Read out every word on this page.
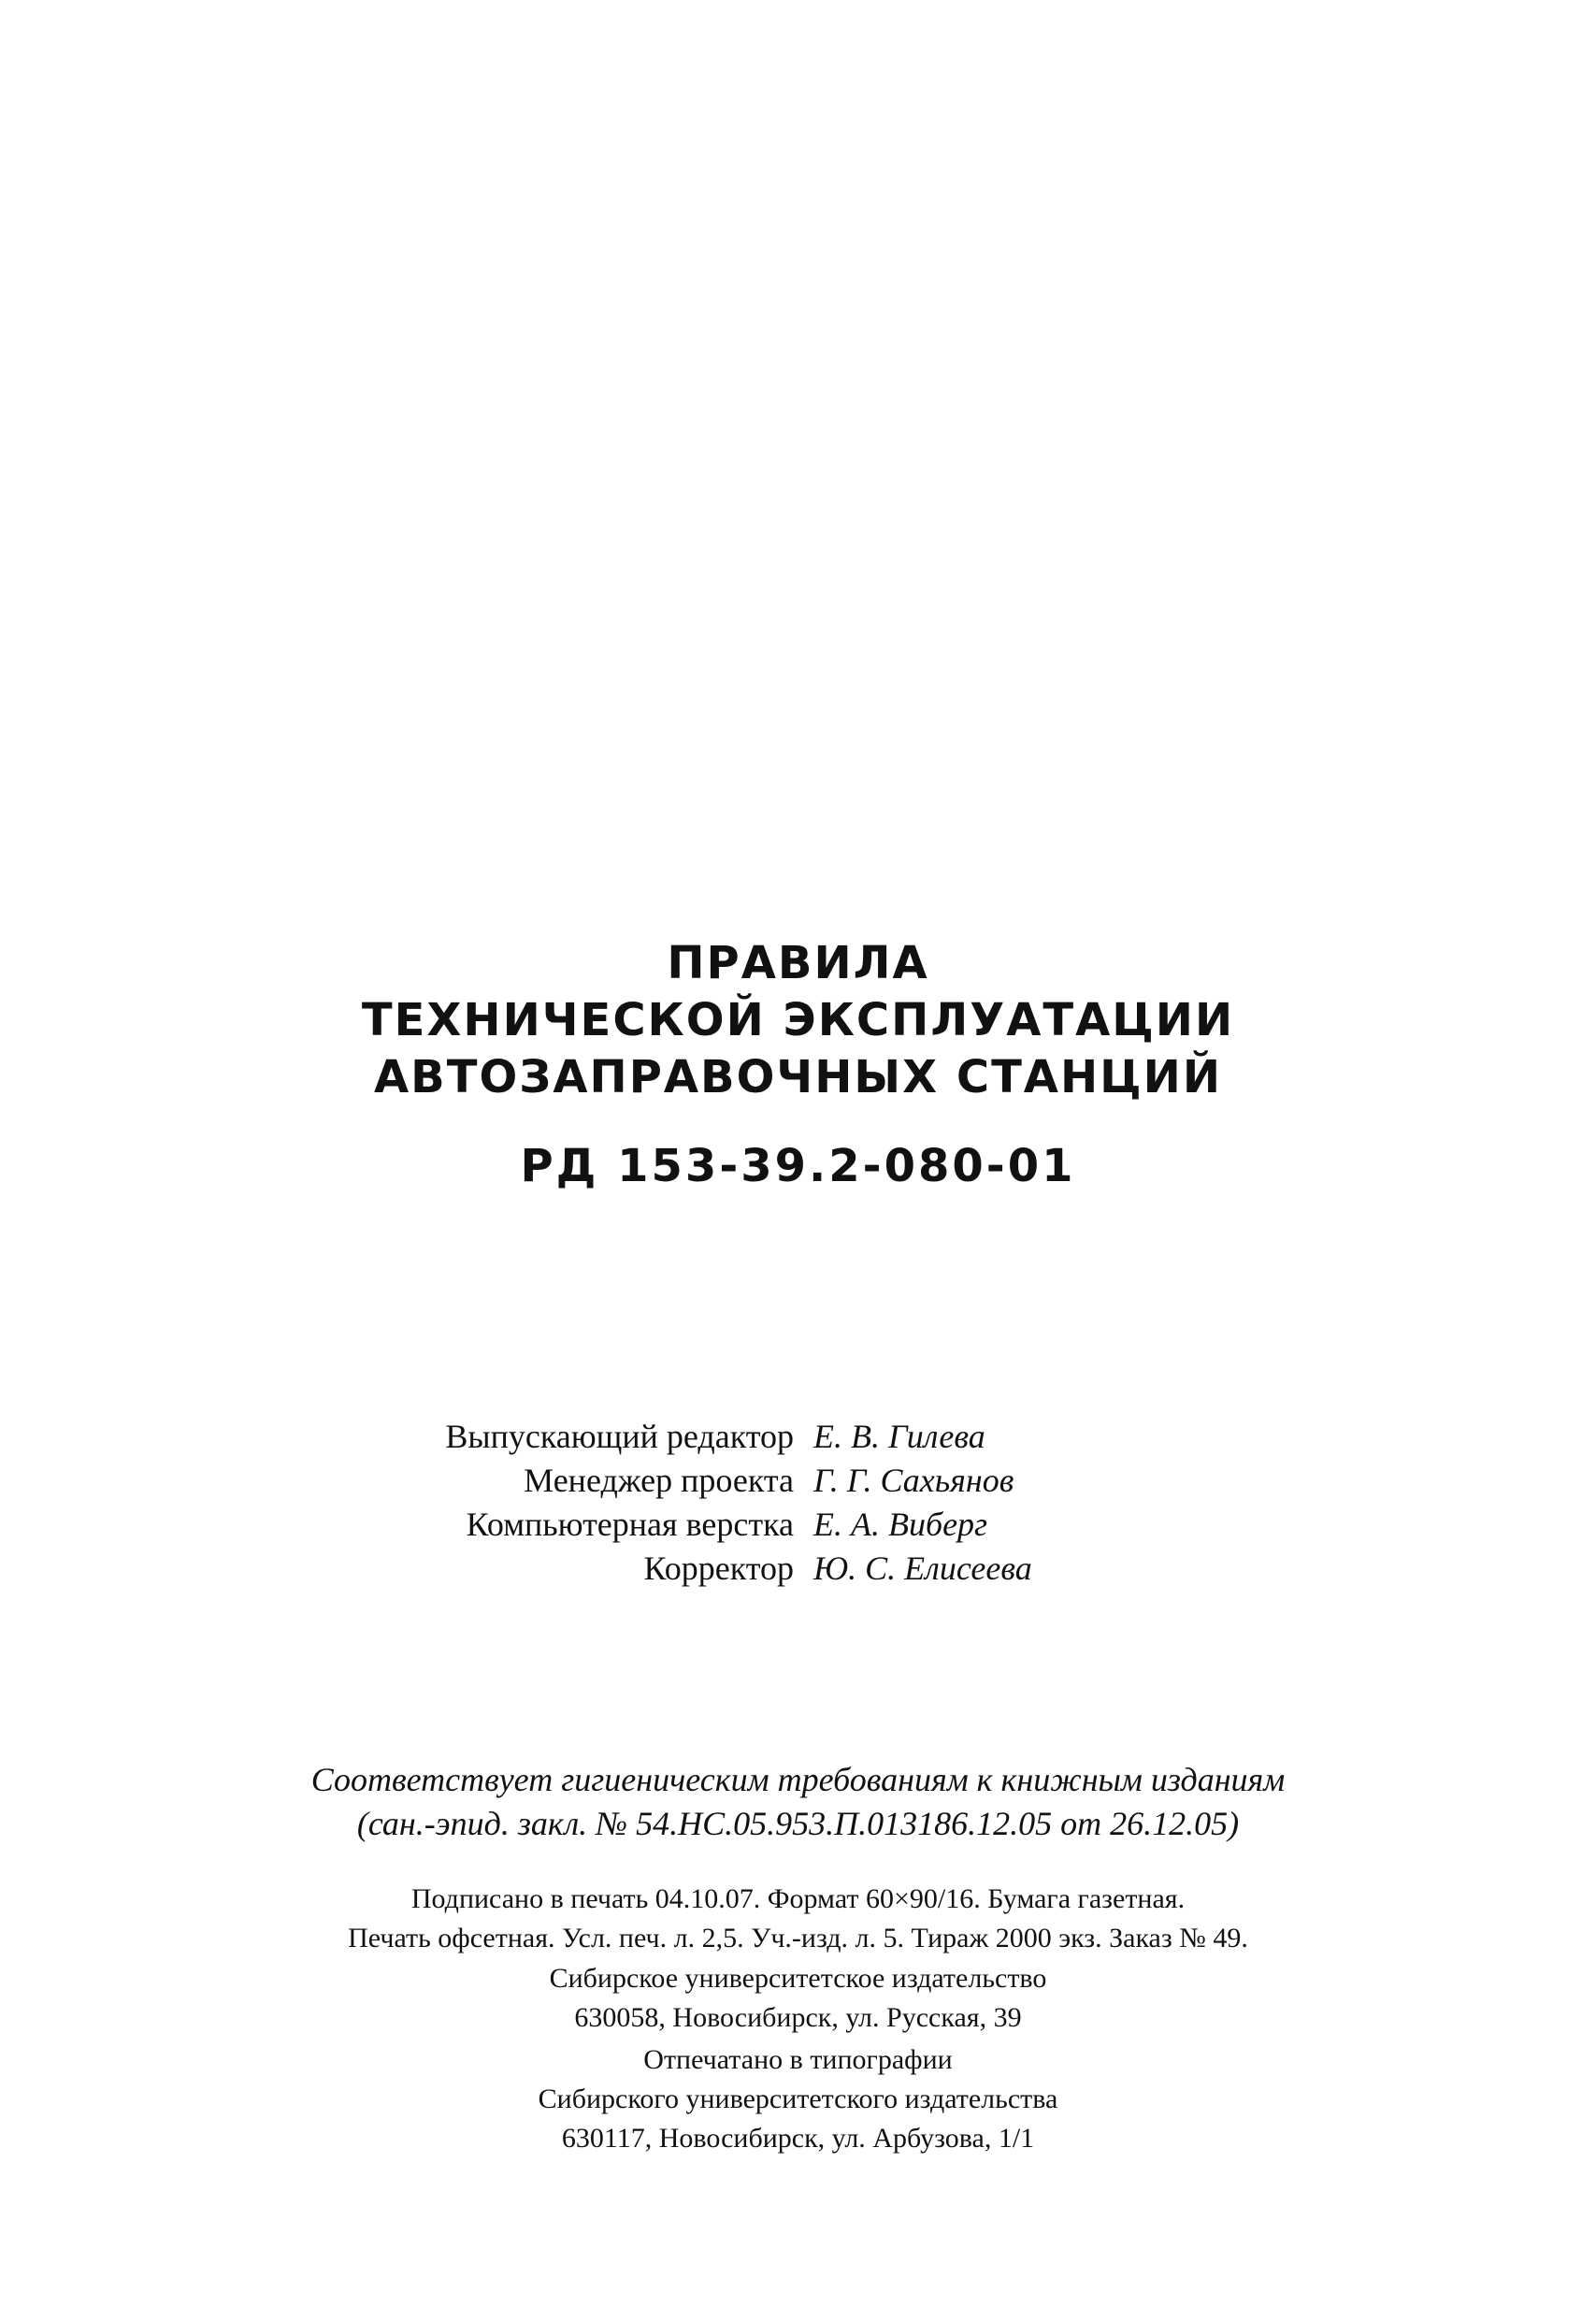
ПРАВИЛА
ТЕХНИЧЕСКОЙ ЭКСПЛУАТАЦИИ
АВТОЗАПРАВОЧНЫХ СТАНЦИЙ
РД 153-39.2-080-01
Выпускающий редактор Е. В. Гилева
Менеджер проекта Г. Г. Сахьянов
Компьютерная верстка Е. А. Виберг
Корректор Ю. С. Елисеева
Соответствует гигиеническим требованиям к книжным изданиям
(сан.-эпид. закл. № 54.НС.05.953.П.013186.12.05 от 26.12.05)
Подписано в печать 04.10.07. Формат 60×90/16. Бумага газетная.
Печать офсетная. Усл. печ. л. 2,5. Уч.-изд. л. 5. Тираж 2000 экз. Заказ № 49.
Сибирское университетское издательство
630058, Новосибирск, ул. Русская, 39
Отпечатано в типографии
Сибирского университетского издательства
630117, Новосибирск, ул. Арбузова, 1/1
